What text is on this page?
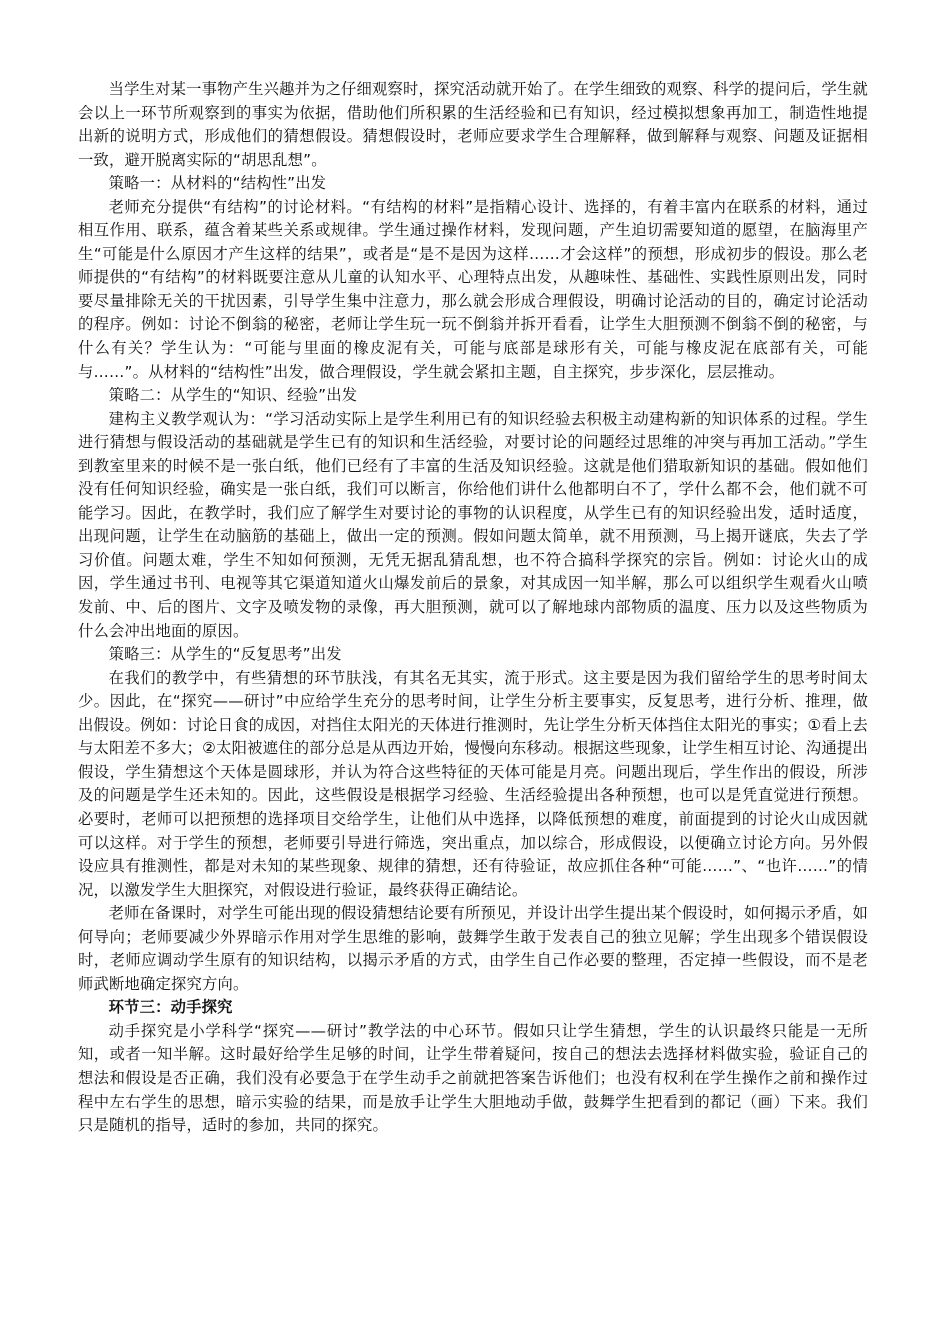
当学生对某一事物产生兴趣并为之仔细观察时，探究活动就开始了。在学生细致的观察、科学的提问后，学生就会以上一环节所观察到的事实为依据，借助他们所积累的生活经验和已有知识，经过模拟想象再加工，制造性地提出新的说明方式，形成他们的猜想假设。猜想假设时，老师应要求学生合理解释，做到解释与观察、问题及证据相一致，避开脱离实际的“胡思乱想”。

策略一：从材料的“结构性”出发

老师充分提供“有结构”的讨论材料。“有结构的材料”是指精心设计、选择的，有着丰富内在联系的材料，通过相互作用、联系，蕴含着某些关系或规律。学生通过操作材料，发现问题，产生迫切需要知道的愿望，在脑海里产生“可能是什么原因才产生这样的结果”，或者是“是不是因为这样……才会这样”的预想，形成初步的假设。那么老师提供的“有结构”的材料既要注意从儿童的认知水平、心理特点出发，从趣味性、基础性、实践性原则出发，同时要尽量排除无关的干扰因素，引导学生集中注意力，那么就会形成合理假设，明确讨论活动的目的，确定讨论活动的程序。例如：讨论不倒翁的秘密，老师让学生玩一玩不倒翁并拆开看看，让学生大胆预测不倒翁不倒的秘密，与什么有关？学生认为：“可能与里面的橡皮泥有关，可能与底部是球形有关，可能与橡皮泥在底部有关，可能与……”。从材料的“结构性”出发，做合理假设，学生就会紧扣主题，自主探究，步步深化，层层推动。

策略二：从学生的“知识、经验”出发

建构主义教学观认为：“学习活动实际上是学生利用已有的知识经验去积极主动建构新的知识体系的过程。学生进行猜想与假设活动的基础就是学生已有的知识和生活经验，对要讨论的问题经过思维的冲突与再加工活动。”学生到教室里来的时候不是一张白纸，他们已经有了丰富的生活及知识经验。这就是他们猎取新知识的基础。假如他们没有任何知识经验，确实是一张白纸，我们可以断言，你给他们讲什么他都明白不了，学什么都不会，他们就不可能学习。因此，在教学时，我们应了解学生对要讨论的事物的认识程度，从学生已有的知识经验出发，适时适度，出现问题，让学生在动脑筋的基础上，做出一定的预测。假如问题太简单，就不用预测，马上揭开谜底，失去了学习价值。问题太难，学生不知如何预测，无凭无据乱猜乱想，也不符合搞科学探究的宗旨。例如：讨论火山的成因，学生通过书刊、电视等其它渠道知道火山爆发前后的景象，对其成因一知半解，那么可以组织学生观看火山喷发前、中、后的图片、文字及喷发物的录像，再大胆预测，就可以了解地球内部物质的温度、压力以及这些物质为什么会冲出地面的原因。

策略三：从学生的“反复思考”出发

在我们的教学中，有些猜想的环节肤浅，有其名无其实，流于形式。这主要是因为我们留给学生的思考时间太少。因此，在“探究——研讨”中应给学生充分的思考时间，让学生分析主要事实，反复思考，进行分析、推理，做出假设。例如：讨论日食的成因，对挡住太阳光的天体进行推测时，先让学生分析天体挡住太阳光的事实；①看上去与太阳差不多大；②太阳被遮住的部分总是从西边开始，慢慢向东移动。根据这些现象，让学生相互讨论、沟通提出假设，学生猜想这个天体是圆球形，并认为符合这些特征的天体可能是月亮。问题出现后，学生作出的假设，所涉及的问题是学生还未知的。因此，这些假设是根据学习经验、生活经验提出各种预想，也可以是凭直觉进行预想。必要时，老师可以把预想的选择项目交给学生，让他们从中选择，以降低预想的难度，前面提到的讨论火山成因就可以这样。对于学生的预想，老师要引导进行筛选，突出重点，加以综合，形成假设，以便确立讨论方向。另外假设应具有推测性，都是对未知的某些现象、规律的猜想，还有待验证，故应抓住各种“可能……”、“也许……”的情况，以激发学生大胆探究，对假设进行验证，最终获得正确结论。

老师在备课时，对学生可能出现的假设猜想结论要有所预见，并设计出学生提出某个假设时，如何揭示矛盾，如何导向；老师要减少外界暗示作用对学生思维的影响，鼓舞学生敢于发表自己的独立见解；学生出现多个错误假设时，老师应调动学生原有的知识结构，以揭示矛盾的方式，由学生自己作必要的整理，否定掉一些假设，而不是老师武断地确定探究方向。

环节三：动手探究

动手探究是小学科学“探究——研讨”教学法的中心环节。假如只让学生猜想，学生的认识最终只能是一无所知，或者一知半解。这时最好给学生足够的时间，让学生带着疑问，按自己的想法去选择材料做实验，验证自己的想法和假设是否正确，我们没有必要急于在学生动手之前就把答案告诉他们；也没有权利在学生操作之前和操作过程中左右学生的思想，暗示实验的结果，而是放手让学生大胆地动手做，鼓舞学生把看到的都记（画）下来。我们只是随机的指导，适时的参加，共同的探究。
